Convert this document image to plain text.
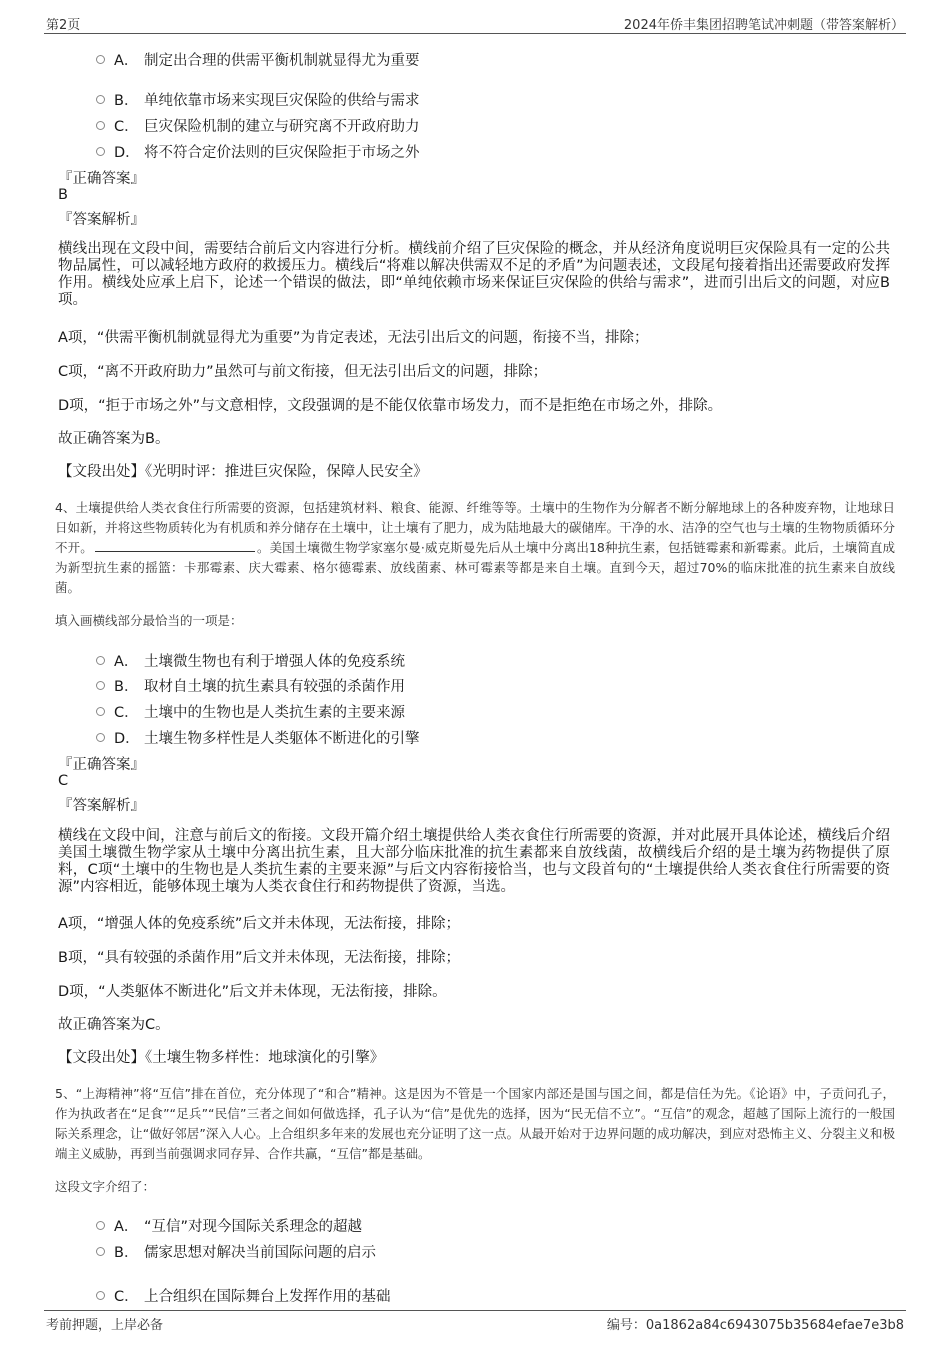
第2页	2024年侨丰集团招聘笔试冲刺题（带答案解析）
A． 制定出合理的供需平衡机制就显得尤为重要
B． 单纯依靠市场来实现巨灾保险的供给与需求
C． 巨灾保险机制的建立与研究离不开政府助力
D． 将不符合定价法则的巨灾保险拒于市场之外
『正确答案』
B
『答案解析』
横线出现在文段中间，需要结合前后文内容进行分析。横线前介绍了巨灾保险的概念，并从经济角度说明巨灾保险具有一定的公共物品属性，可以减轻地方政府的救援压力。横线后“将难以解决供需双不足的矛盾”为问题表述，文段尾句接着指出还需要政府发挥作用。横线处应承上启下，论述一个错误的做法，即“单纯依赖市场来保证巨灾保险的供给与需求”，进而引出后文的问题，对应B项。
A项，“供需平衡机制就显得尤为重要”为肯定表述，无法引出后文的问题，衔接不当，排除；
C项，“离不开政府助力”虽然可与前文衔接，但无法引出后文的问题，排除；
D项，“拒于市场之外”与文意相悖，文段强调的是不能仅依靠市场发力，而不是拒绝在市场之外，排除。
故正确答案为B。
【文段出处】《光明时评：推进巨灾保险，保障人民安全》
4、土壤提供给人类衣食住行所需要的资源，包括建筑材料、粮食、能源、纤维等等。土壤中的生物作为分解者不断分解地球上的各种废弃物，让地球日日如新，并将这些物质转化为有机质和养分储存在土壤中，让土壤有了肥力，成为陆地最大的碳储库。干净的水、洁净的空气也与土壤的生物物质循环分不开。	。美国土壤微生物学家塞尔曼·威克斯曼先后从土壤中分离出18种抗生素，包括链霉素和新霉素。此后，土壤简直成为新型抗生素的摇篮：卡那霉素、庆大霉素、格尔德霉素、放线菌素、林可霉素等都是来自土壤。直到今天，超过70%的临床批准的抗生素来自放线菌。
填入画横线部分最恰当的一项是：
A． 土壤微生物也有利于增强人体的免疫系统
B． 取材自土壤的抗生素具有较强的杀菌作用
C． 土壤中的生物也是人类抗生素的主要来源
D． 土壤生物多样性是人类躯体不断进化的引擎
『正确答案』
C
『答案解析』
横线在文段中间，注意与前后文的衔接。文段开篇介绍土壤提供给人类衣食住行所需要的资源，并对此展开具体论述，横线后介绍美国土壤微生物学家从土壤中分离出抗生素，且大部分临床批准的抗生素都来自放线菌，故横线后介绍的是土壤为药物提供了原料，C项“土壤中的生物也是人类抗生素的主要来源”与后文内容衔接恰当，也与文段首句的“土壤提供给人类衣食住行所需要的资源”内容相近，能够体现土壤为人类衣食住行和药物提供了资源，当选。
A项，“增强人体的免疫系统”后文并未体现，无法衔接，排除；
B项，“具有较强的杀菌作用”后文并未体现，无法衔接，排除；
D项，“人类躯体不断进化”后文并未体现，无法衔接，排除。
故正确答案为C。
【文段出处】《土壤生物多样性：地球演化的引擎》
5、“上海精神”将“互信”排在首位，充分体现了“和合”精神。这是因为不管是一个国家内部还是国与国之间，都是信任为先。《论语》中，子贡问孔子，作为执政者在“足食”“足兵”“民信”三者之间如何做选择，孔子认为“信”是优先的选择，因为“民无信不立”。“互信”的观念，超越了国际上流行的一般国际关系理念，让“做好邻居”深入人心。上合组织多年来的发展也充分证明了这一点。从最开始对于边界问题的成功解决，到应对恐怖主义、分裂主义和极端主义威胁，再到当前强调求同存异、合作共赢，“互信”都是基础。
这段文字介绍了：
A． “互信”对现今国际关系理念的超越
B． 儒家思想对解决当前国际问题的启示
C． 上合组织在国际舞台上发挥作用的基础
考前押题，上岸必备	编号：0a1862a84c6943075b35684efae7e3b8
